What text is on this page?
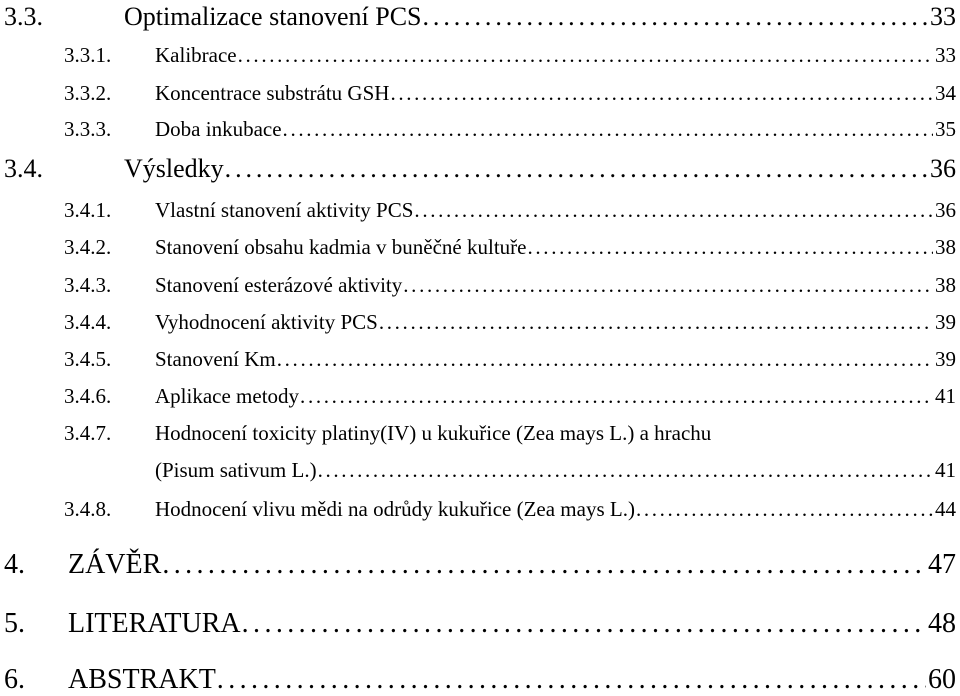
3.3.	Optimalizace stanovení PCS . . .	33
3.3.1.	Kalibrace . . .	33
3.3.2.	Koncentrace substrátu GSH . . .	34
3.3.3.	Doba inkubace . . .	35
3.4.	Výsledky . . .	36
3.4.1.	Vlastní stanovení aktivity PCS . . .	36
3.4.2.	Stanovení obsahu kadmia v buněčné kultuře . . .	38
3.4.3.	Stanovení esterázové aktivity . . .	38
3.4.4.	Vyhodnocení aktivity PCS . . .	39
3.4.5.	Stanovení Km . . .	39
3.4.6.	Aplikace metody . . .	41
3.4.7.	Hodnocení toxicity platiny(IV) u kukuřice (Zea mays L.) a hrachu
(Pisum sativum L.) . . .	41
3.4.8.	Hodnocení vlivu mědi na odrůdy kukuřice (Zea mays L.) . . .	44
4.	ZÁVĚR . . .	47
5.	LITERATURA . . .	48
6.	ABSTRAKT . . .	60
